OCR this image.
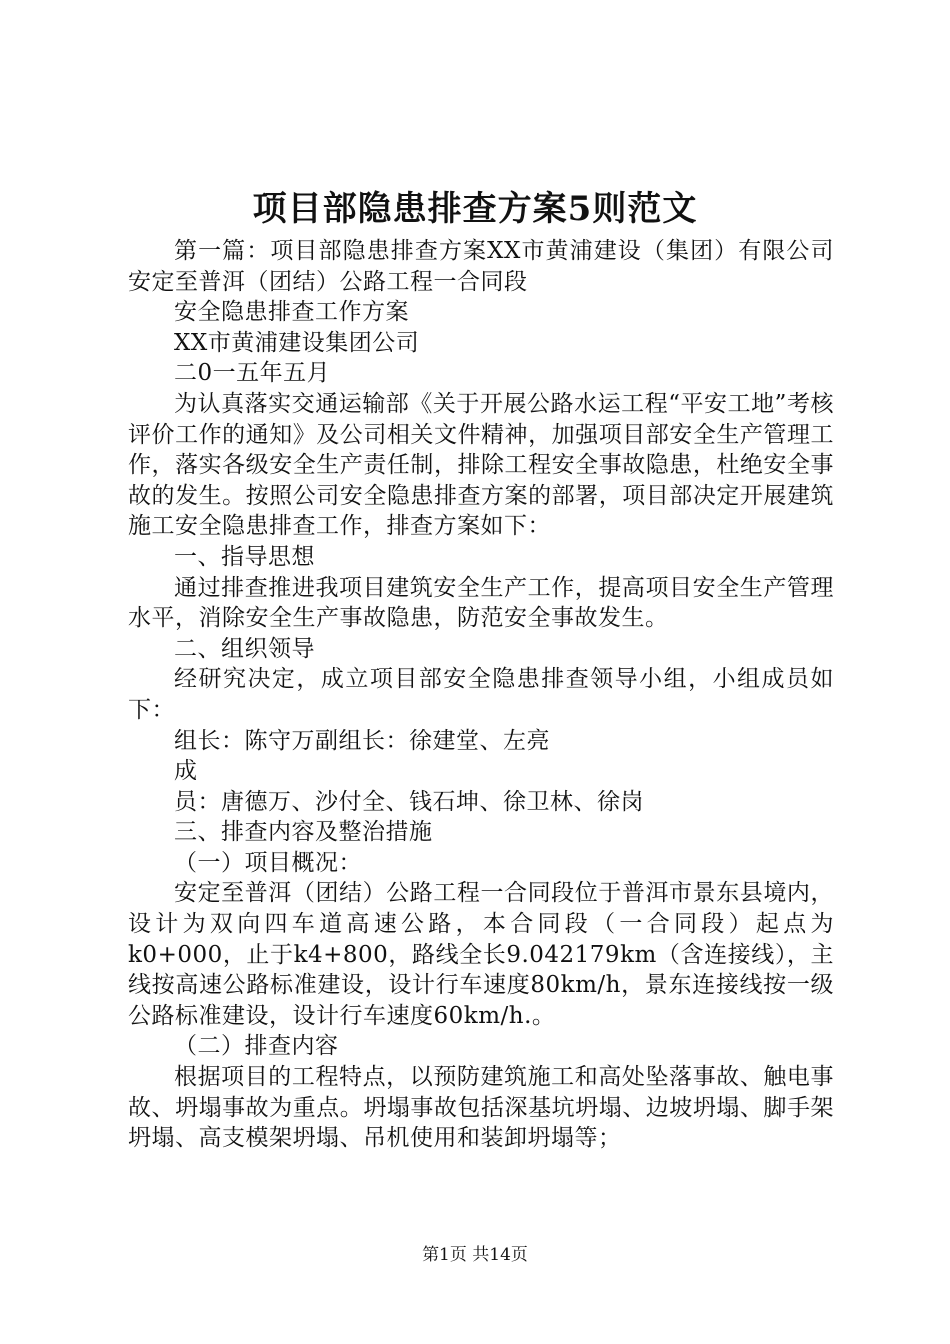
项目部隐患排查方案5则范文

第一篇：项目部隐患排查方案XX市黄浦建设（集团）有限公司安定至普洱（团结）公路工程一合同段

安全隐患排查工作方案

XX市黄浦建设集团公司

二0一五年五月

为认真落实交通运输部《关于开展公路水运工程“平安工地”考核评价工作的通知》及公司相关文件精神，加强项目部安全生产管理工作，落实各级安全生产责任制，排除工程安全事故隐患，杜绝安全事故的发生。按照公司安全隐患排查方案的部署，项目部决定开展建筑施工安全隐患排查工作，排查方案如下：

一、指导思想

通过排查推进我项目建筑安全生产工作，提高项目安全生产管理水平，消除安全生产事故隐患，防范安全事故发生。

二、组织领导

经研究决定，成立项目部安全隐患排查领导小组，小组成员如下：

组长：陈守万副组长：徐建堂、左亮

成

员：唐德万、沙付全、钱石坤、徐卫林、徐岗

三、排查内容及整治措施

（一）项目概况：

安定至普洱（团结）公路工程一合同段位于普洱市景东县境内，设计为双向四车道高速公路，本合同段（一合同段）起点为k0+000，止于k4+800，路线全长9.042179km（含连接线），主线按高速公路标准建设，设计行车速度80km/h，景东连接线按一级公路标准建设，设计行车速度60km/h.。

（二）排查内容

根据项目的工程特点，以预防建筑施工和高处坠落事故、触电事故、坍塌事故为重点。坍塌事故包括深基坑坍塌、边坡坍塌、脚手架坍塌、高支模架坍塌、吊机使用和装卸坍塌等；

第1页 共14页
